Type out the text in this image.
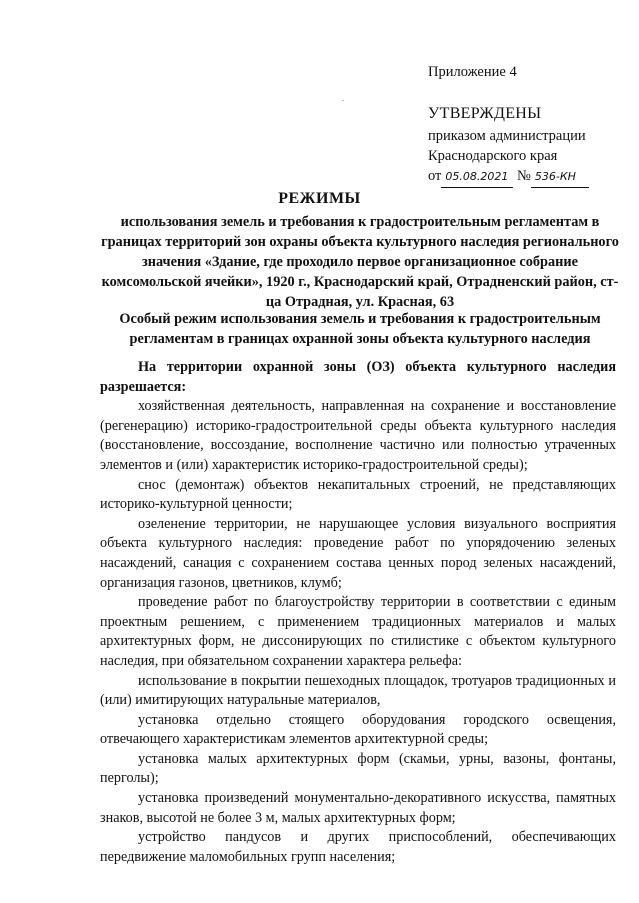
Приложение 4
УТВЕРЖДЕНЫ
приказом администрации
Краснодарского края
от 05.08.2021 № 536-КН
РЕЖИМЫ
использования земель и требования к градостроительным регламентам в границах территорий зон охраны объекта культурного наследия регионального значения «Здание, где проходило первое организационное собрание комсомольской ячейки», 1920 г., Краснодарский край, Отрадненский район, ст-ца Отрадная, ул. Красная, 63
Особый режим использования земель и требования к градостроительным регламентам в границах охранной зоны объекта культурного наследия

На территории охранной зоны (ОЗ) объекта культурного наследия разрешается:

хозяйственная деятельность, направленная на сохранение и восстановление (регенерацию) историко-градостроительной среды объекта культурного наследия (восстановление, воссоздание, восполнение частично или полностью утраченных элементов и (или) характеристик историко-градостроительной среды);

снос (демонтаж) объектов некапитальных строений, не представляющих историко-культурной ценности;

озеленение территории, не нарушающее условия визуального восприятия объекта культурного наследия: проведение работ по упорядочению зеленых насаждений, санация с сохранением состава ценных пород зеленых насаждений, организация газонов, цветников, клумб;

проведение работ по благоустройству территории в соответствии с единым проектным решением, с применением традиционных материалов и малых архитектурных форм, не диссонирующих по стилистике с объектом культурного наследия, при обязательном сохранении характера рельефа:

использование в покрытии пешеходных площадок, тротуаров традиционных и (или) имитирующих натуральные материалов,

установка отдельно стоящего оборудования городского освещения, отвечающего характеристикам элементов архитектурной среды;

установка малых архитектурных форм (скамьи, урны, вазоны, фонтаны, перголы);

установка произведений монументально-декоративного искусства, памятных знаков, высотой не более 3 м, малых архитектурных форм;

устройство пандусов и других приспособлений, обеспечивающих передвижение маломобильных групп населения;
